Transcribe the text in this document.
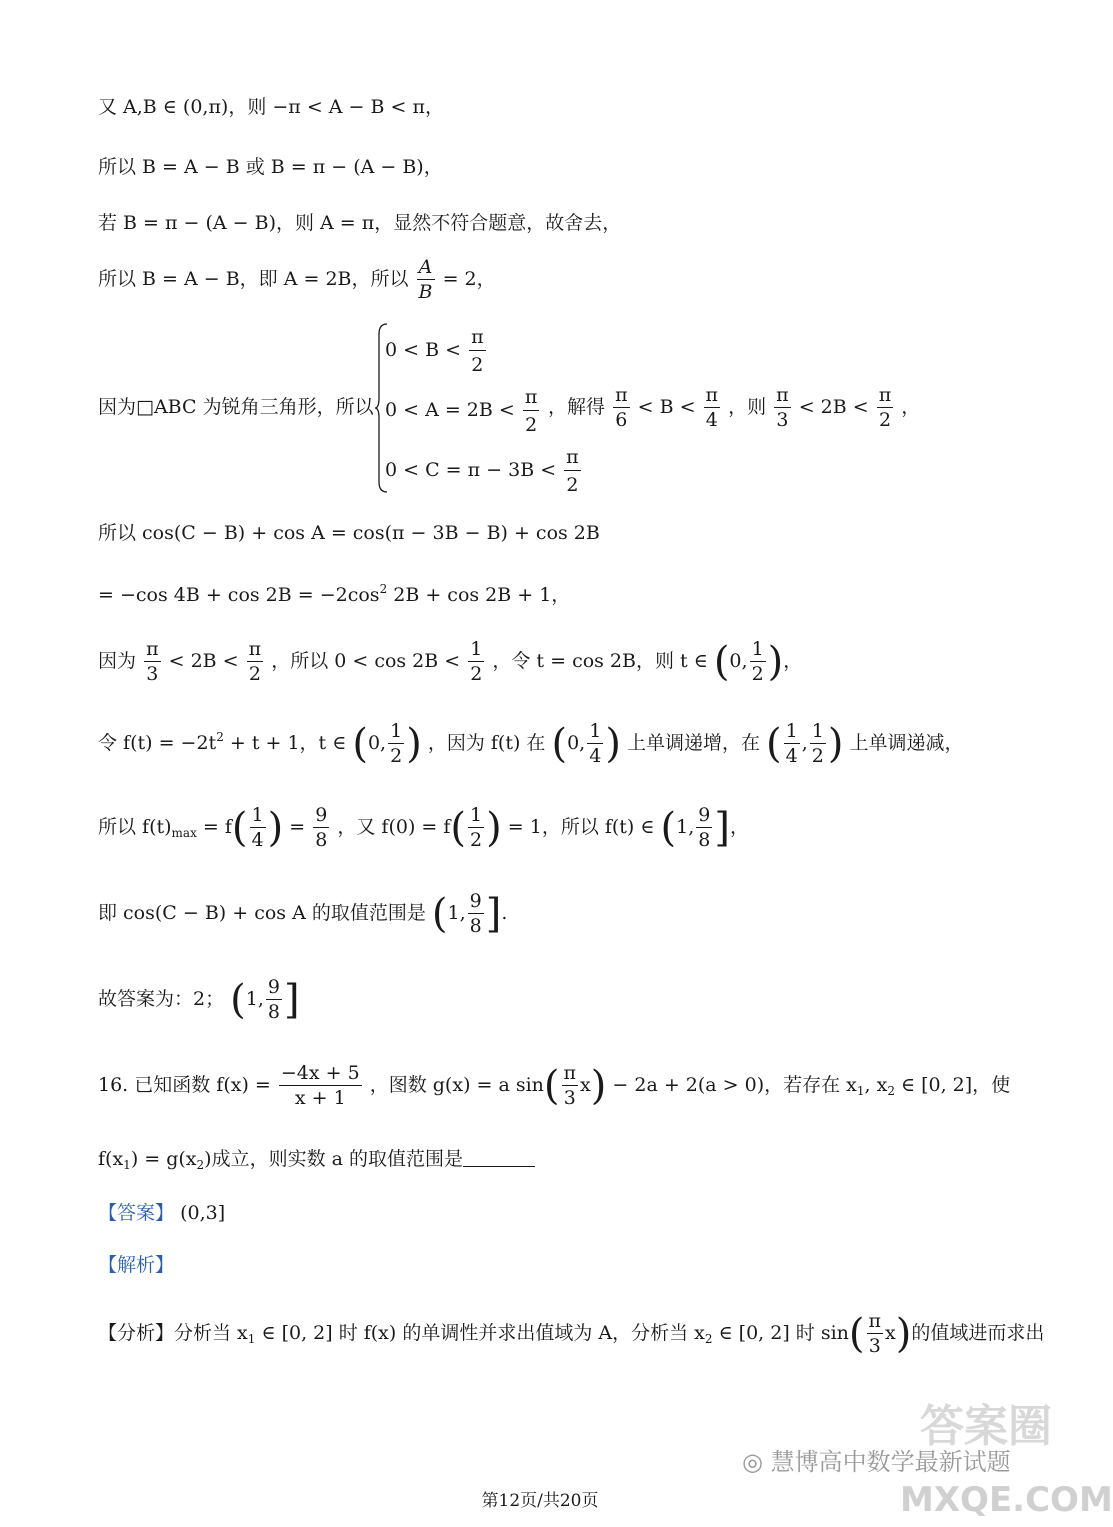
又 A,B ∈ (0,π)，则 −π < A − B < π，
所以 B = A − B 或 B = π − (A − B)，
若 B = π − (A − B)，则 A = π，显然不符合题意，故舍去，
所以 B = A − B，即 A = 2B，所以 $\frac{A}{B} = 2$，
因为□ABC 为锐角三角形，所以
$0 < B < \frac{\pi}{2}$
$0 < A = 2B < \frac{\pi}{2}$
$0 < C = \pi - 3B < \frac{\pi}{2}$
，解得 $\frac{\pi}{6} < B < \frac{\pi}{4}$ ，则 $\frac{\pi}{3} < 2B < \frac{\pi}{2}$ ，
所以 cos(C − B) + cos A = cos(π − 3B − B) + cos 2B
= −cos $4B + \cos 2B = -2\cos^2$ 2B + cos 2B + 1，
因为 $\frac{\pi}{3} < 2B < \frac{\pi}{2}$ ，所以 $0 < \cos 2B < \frac{1}{2}$ ，令 t = cos 2B，则 t ∈ (0, $\frac{1}{2}$ )，
令 $f(t) = -2t^2 + t + 1$，t ∈ (0, $\frac{1}{2}$ ) ，因为 f(t) 在 (0, $\frac{1}{4}$ ) 上单调递增，在 ( $\frac{1}{4}$ , $\frac{1}{2}$ ) 上单调递减，
所以 $f(t)_{max} = f( \frac{1}{4}$ ) = $\frac{9}{8}$ ，又 $f(0) = f( \frac{1}{2}$ ) = 1，所以 f(t) ∈ (1, $\frac{9}{8}$ ]，
即 cos(C − B) + cos A 的取值范围是 (1, $\frac{9}{8}$ ].
故答案为：2； (1, $\frac{9}{8}$ ]
16. 已知函数 $f(x) = \frac{-4x + 5}{x + 1}$ ，图数 g(x) = a $\sin( \frac{\pi}{3} x) - 2a + 2(a > 0)$，若存在 $x_1$, $x_2$ ∈ [0, 2]，使
$f(x_1) = g(x_2)$成立，则实数 a 的取值范围是
【答案】 (0,3]
【解析】
【分析】分析当 $x_1$ ∈ [0, 2] 时 f(x) 的单调性并求出值域为 A，分析当 $x_2$ ∈ [0, 2] 时 $\sin( \frac{\pi}{3} x)$的值域进而求出
◎ 慧博高中数学最新试题
答案圈
MXQE.COM
第12页/共20页
